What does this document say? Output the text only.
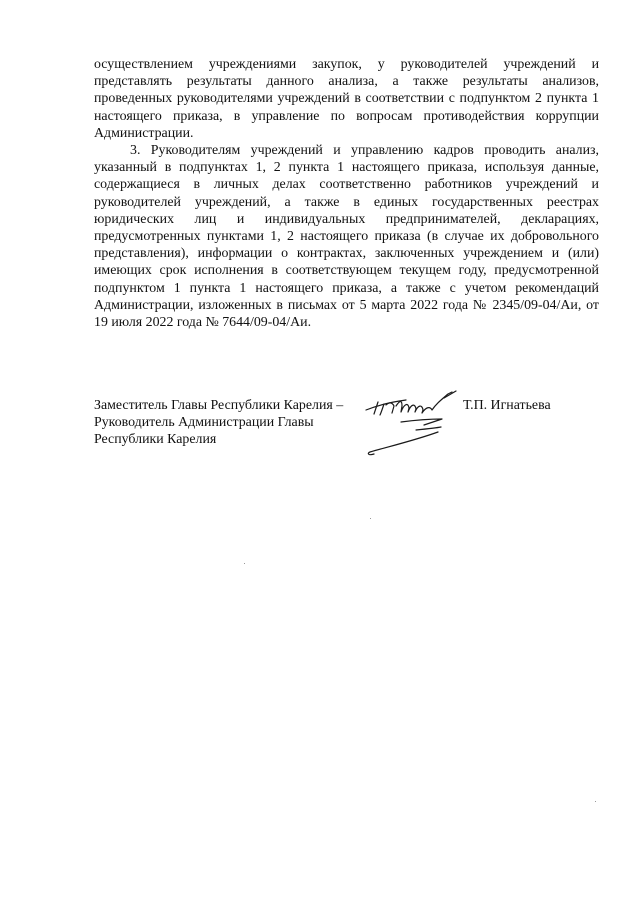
осуществлением учреждениями закупок, у руководителей учреждений и представлять результаты данного анализа, а также результаты анализов, проведенных руководителями учреждений в соответствии с подпунктом 2 пункта 1 настоящего приказа, в управление по вопросам противодействия коррупции Администрации.

3. Руководителям учреждений и управлению кадров проводить анализ, указанный в подпунктах 1, 2 пункта 1 настоящего приказа, используя данные, содержащиеся в личных делах соответственно работников учреждений и руководителей учреждений, а также в единых государственных реестрах юридических лиц и индивидуальных предпринимателей, декларациях, предусмотренных пунктами 1, 2 настоящего приказа (в случае их добровольного представления), информации о контрактах, заключенных учреждением и (или) имеющих срок исполнения в соответствующем текущем году, предусмотренной подпунктом 1 пункта 1 настоящего приказа, а также с учетом рекомендаций Администрации, изложенных в письмах от 5 марта 2022 года № 2345/09-04/Аи, от 19 июля 2022 года № 7644/09-04/Аи.

Заместитель Главы Республики Карелия –
Руководитель Администрации Главы
Республики Карелия
Т.П. Игнатьева
